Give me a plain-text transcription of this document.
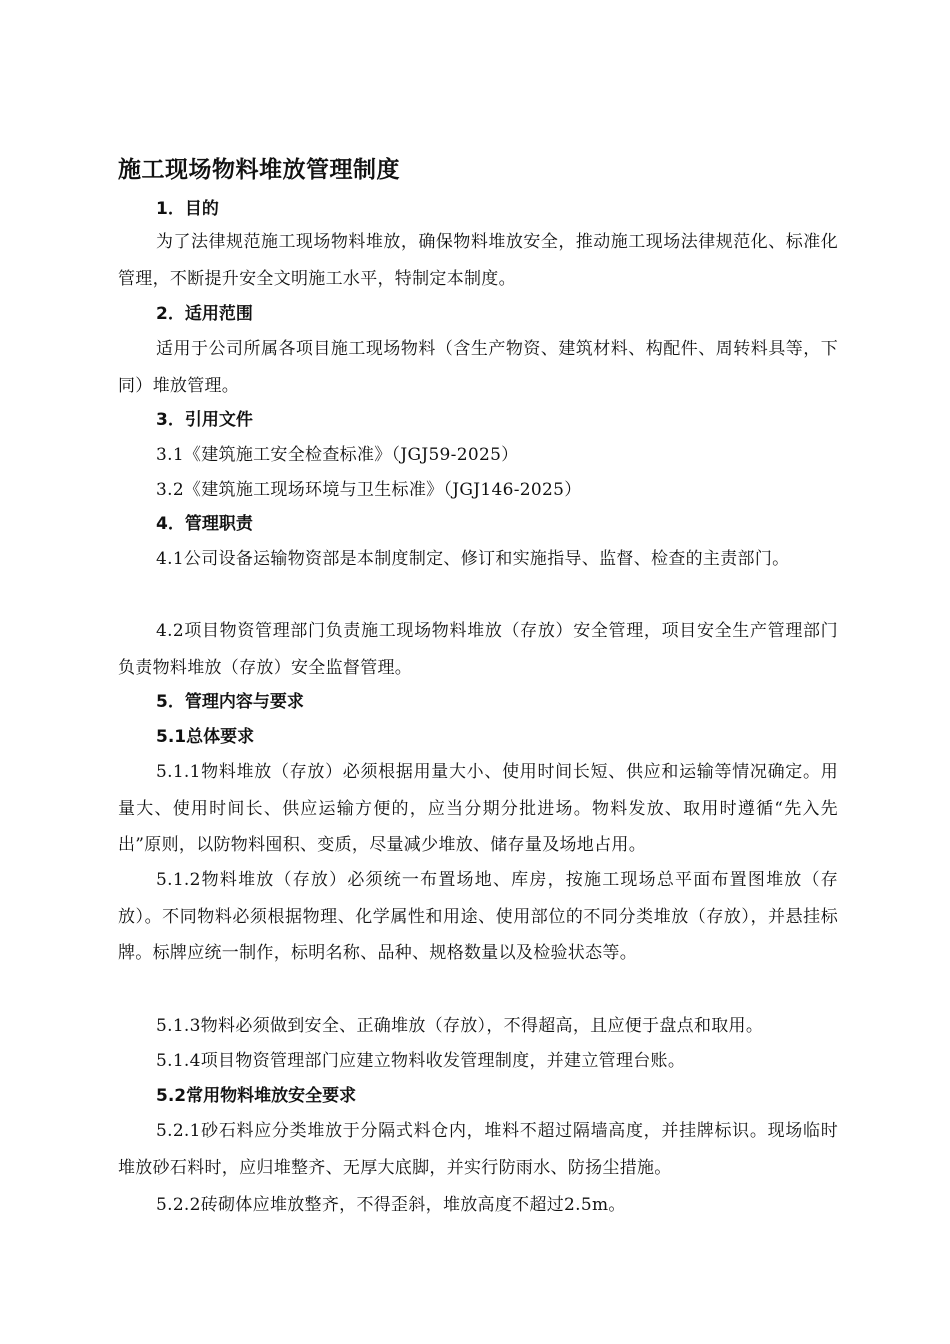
施工现场物料堆放管理制度
1．目的
为了法律规范施工现场物料堆放，确保物料堆放安全，推动施工现场法律规范化、标准化管理，不断提升安全文明施工水平，特制定本制度。
2．适用范围
适用于公司所属各项目施工现场物料（含生产物资、建筑材料、构配件、周转料具等，下同）堆放管理。
3．引用文件
3.1《建筑施工安全检查标准》（JGJ59-2025）
3.2《建筑施工现场环境与卫生标准》（JGJ146-2025）
4．管理职责
4.1公司设备运输物资部是本制度制定、修订和实施指导、监督、检查的主责部门。
4.2项目物资管理部门负责施工现场物料堆放（存放）安全管理，项目安全生产管理部门负责物料堆放（存放）安全监督管理。
5．管理内容与要求
5.1总体要求
5.1.1物料堆放（存放）必须根据用量大小、使用时间长短、供应和运输等情况确定。用量大、使用时间长、供应运输方便的，应当分期分批进场。物料发放、取用时遵循“先入先出”原则，以防物料囤积、变质，尽量减少堆放、储存量及场地占用。
5.1.2物料堆放（存放）必须统一布置场地、库房，按施工现场总平面布置图堆放（存放）。不同物料必须根据物理、化学属性和用途、使用部位的不同分类堆放（存放），并悬挂标牌。标牌应统一制作，标明名称、品种、规格数量以及检验状态等。
5.1.3物料必须做到安全、正确堆放（存放），不得超高，且应便于盘点和取用。
5.1.4项目物资管理部门应建立物料收发管理制度，并建立管理台账。
5.2常用物料堆放安全要求
5.2.1砂石料应分类堆放于分隔式料仓内，堆料不超过隔墙高度，并挂牌标识。现场临时堆放砂石料时，应归堆整齐、无厚大底脚，并实行防雨水、防扬尘措施。
5.2.2砖砌体应堆放整齐，不得歪斜，堆放高度不超过2.5m。
